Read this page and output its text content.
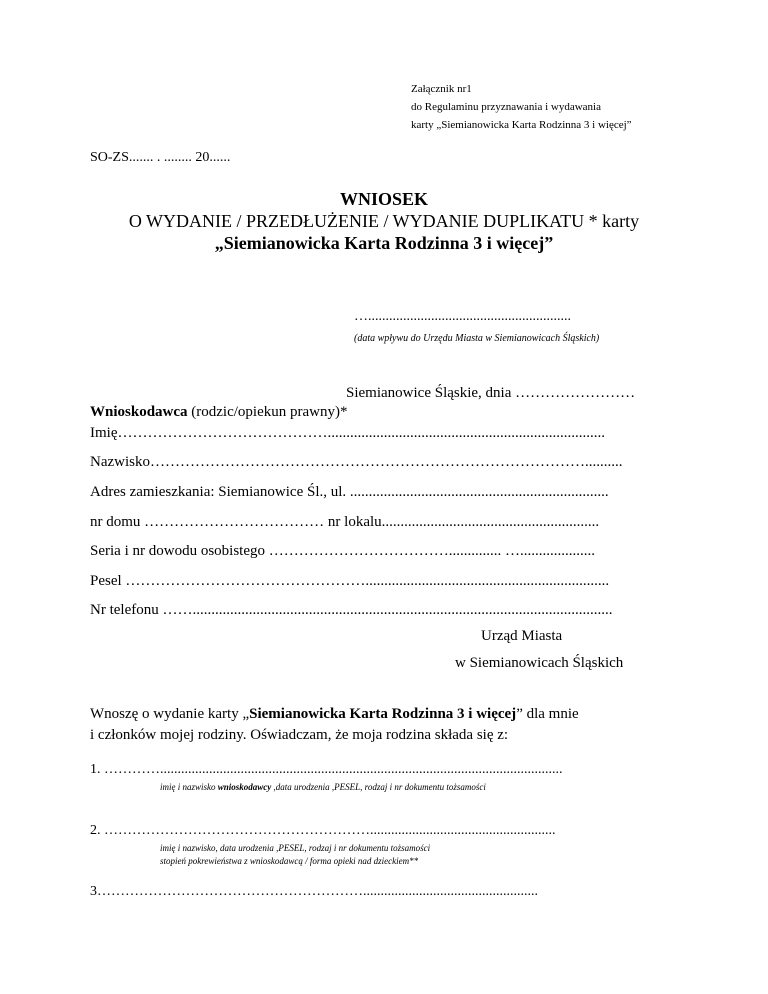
Załącznik nr1
do Regulaminu przyznawania i wydawania
karty „Siemianowicka Karta Rodzinna 3 i więcej”
SO-ZS....... . ........ 20......
WNIOSEK
O WYDANIE / PRZEDŁUŻENIE / WYDANIE DUPLIKATU * karty
„Siemianowicka Karta Rodzinna 3 i więcej”
…..........................................................
(data wpływu do Urzędu Miasta w Siemianowicach Śląskich)
Siemianowice Śląskie, dnia ……………………
Wnioskodawca (rodzic/opiekun prawny)*
Imię……………………………………..........................................................................
Nazwisko……………………………………………………………………………..........
Adres zamieszkania: Siemianowice Śl., ul. .....................................................................
nr domu ……………………………… nr lokalu..........................................................
Seria i nr dowodu osobistego ……………………………….............. …....................
Pesel ………………………………………….................................................................
Nr telefonu ……................................................................................................................
Urząd Miasta
w Siemianowicach Śląskich
Wnoszę o wydanie karty „Siemianowicka Karta Rodzinna 3 i więcej” dla mnie
i członków mojej rodziny. Oświadczam, że moja rodzina składa się z:
1. …………...................................................................................................................
imię i nazwisko wnioskodawcy ,data urodzenia ,PESEL, rodzaj i nr dokumentu tożsamości
2. ………………………………………………….....................................................
imię i nazwisko, data urodzenia ,PESEL, rodzaj i nr dokumentu tożsamości
stopień pokrewieństwa z wnioskodawcą / forma opieki nad dzieckiem**
3…………………………………………………..................................................
